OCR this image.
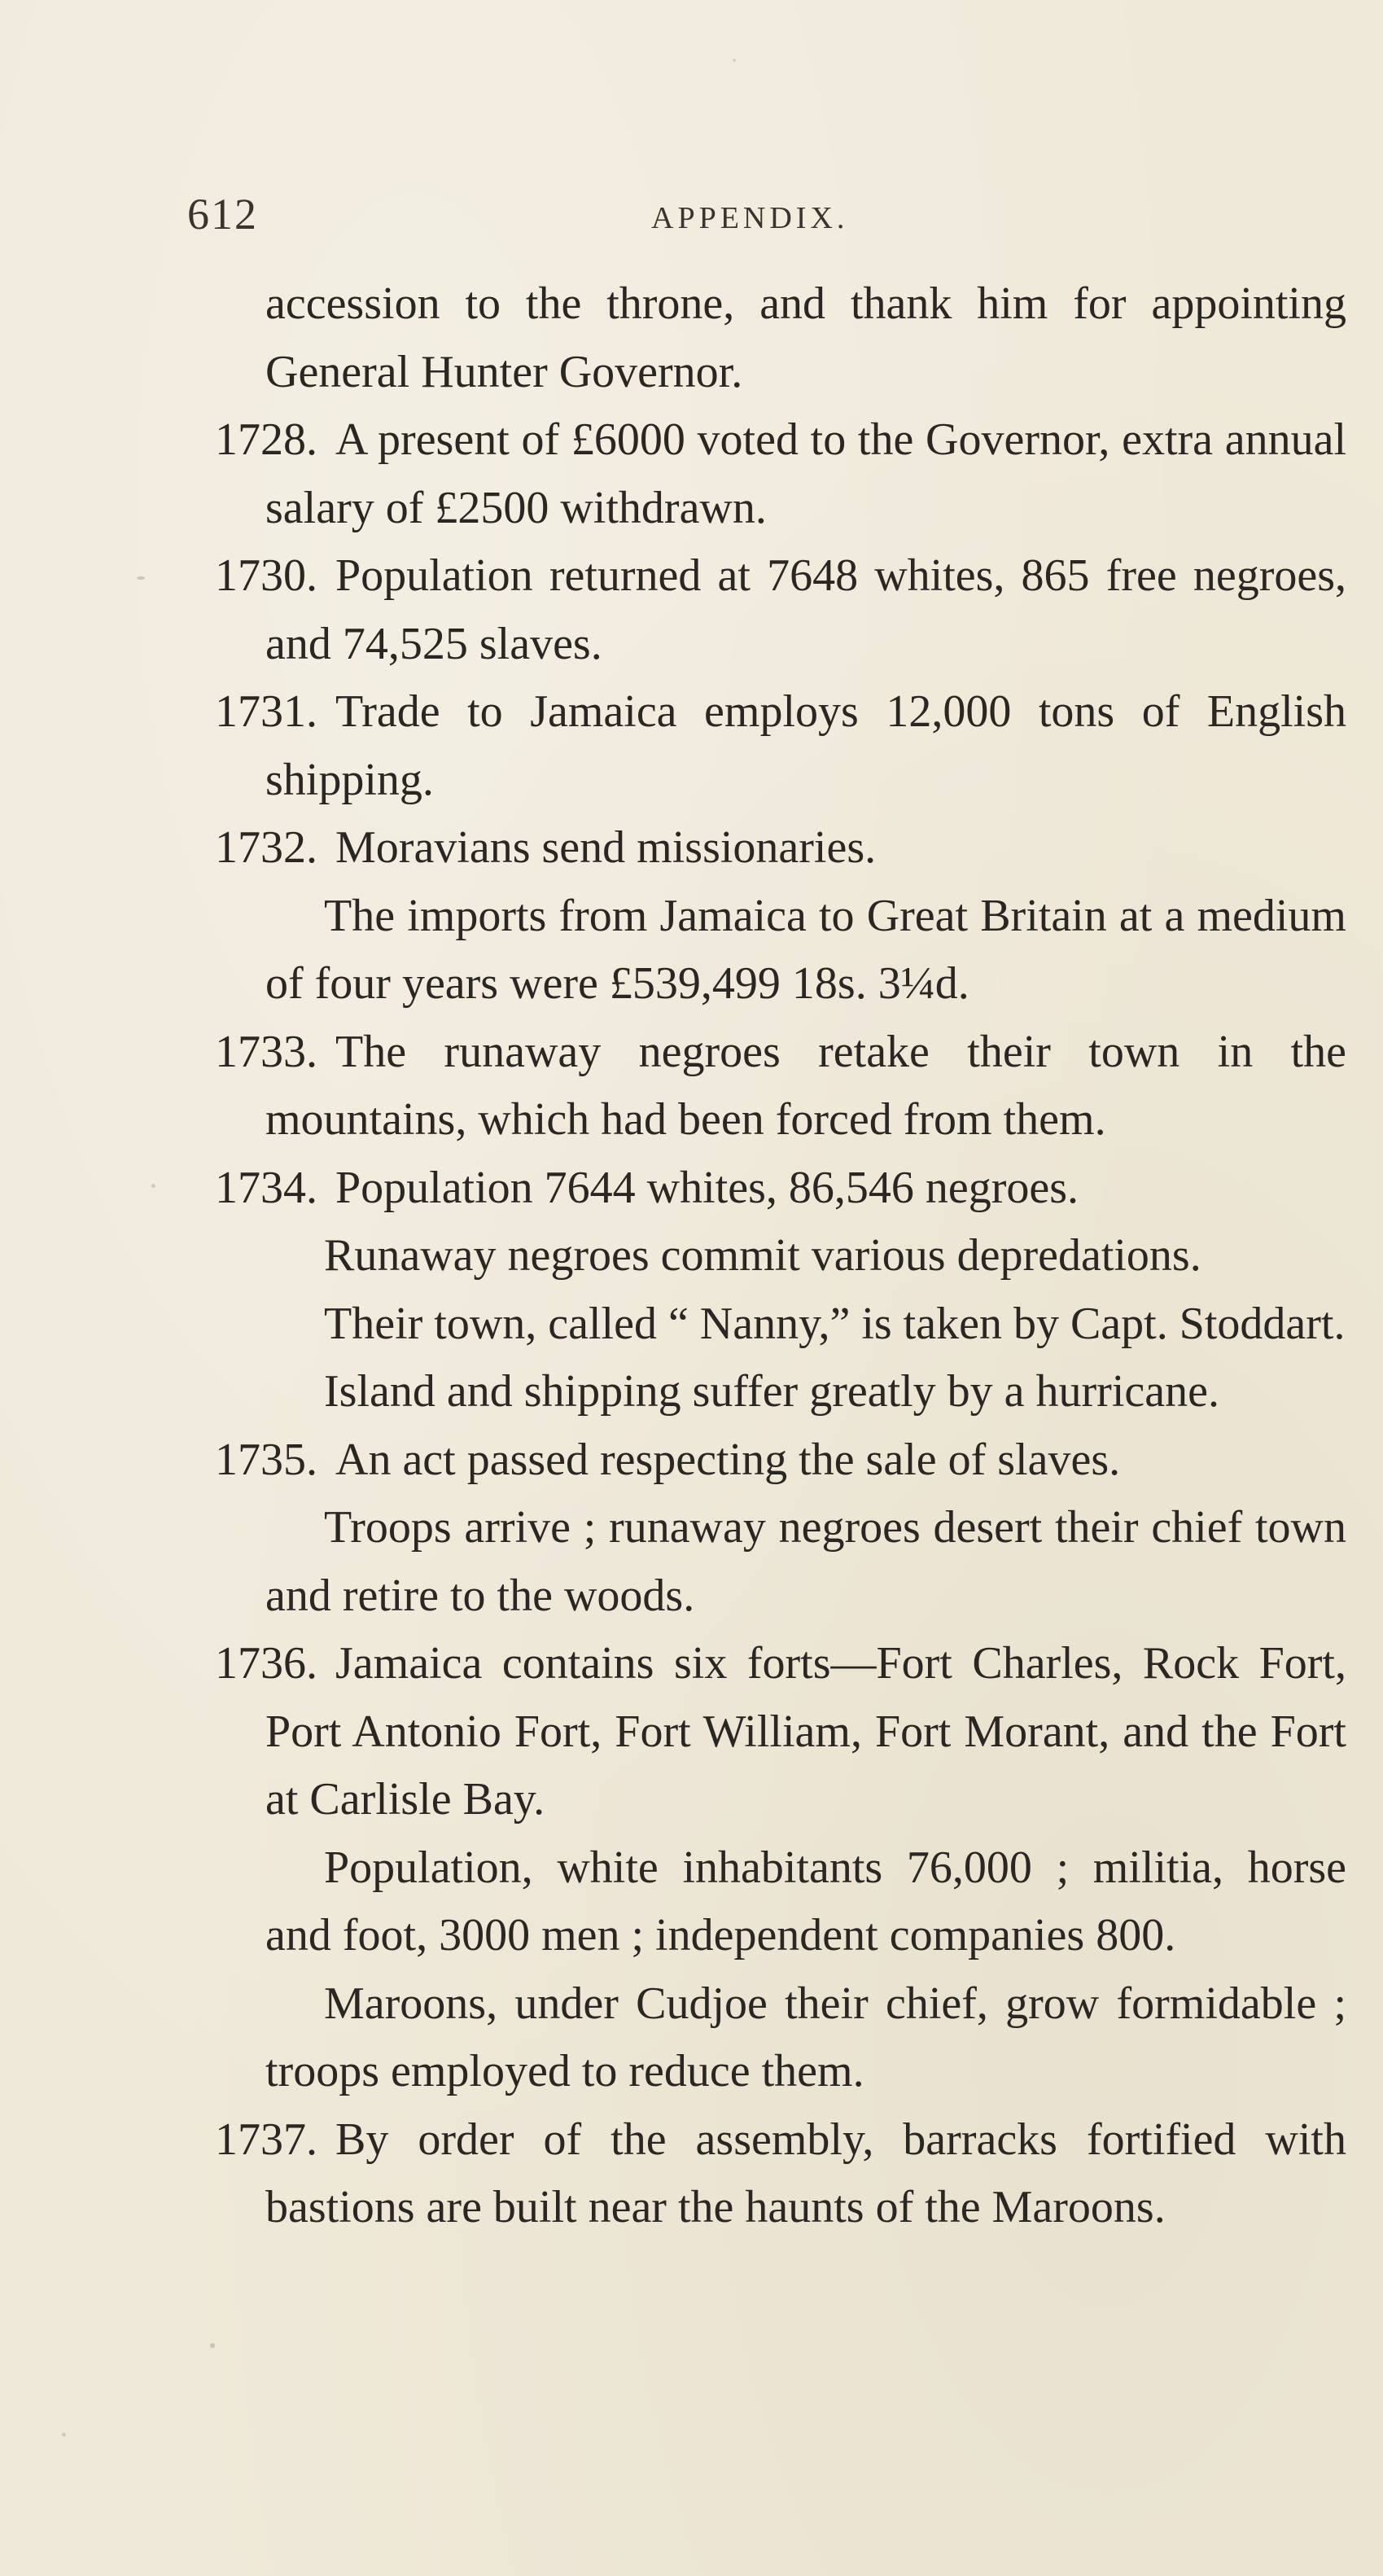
612	APPENDIX.

accession to the throne, and thank him for appointing General Hunter Governor.

1728. A present of £6000 voted to the Governor, extra annual salary of £2500 withdrawn.

1730. Population returned at 7648 whites, 865 free negroes, and 74,525 slaves.

1731. Trade to Jamaica employs 12,000 tons of English shipping.

1732. Moravians send missionaries.

The imports from Jamaica to Great Britain at a medium of four years were £539,499 18s. 3¼d.

1733. The runaway negroes retake their town in the mountains, which had been forced from them.

1734. Population 7644 whites, 86,546 negroes.

Runaway negroes commit various depredations.

Their town, called “ Nanny,” is taken by Capt. Stoddart.

Island and shipping suffer greatly by a hurricane.

1735. An act passed respecting the sale of slaves.

Troops arrive ; runaway negroes desert their chief town and retire to the woods.

1736. Jamaica contains six forts—Fort Charles, Rock Fort, Port Antonio Fort, Fort William, Fort Morant, and the Fort at Carlisle Bay.

Population, white inhabitants 76,000 ; militia, horse and foot, 3000 men ; independent companies 800.

Maroons, under Cudjoe their chief, grow formidable ; troops employed to reduce them.

1737. By order of the assembly, barracks fortified with bastions are built near the haunts of the Maroons.
